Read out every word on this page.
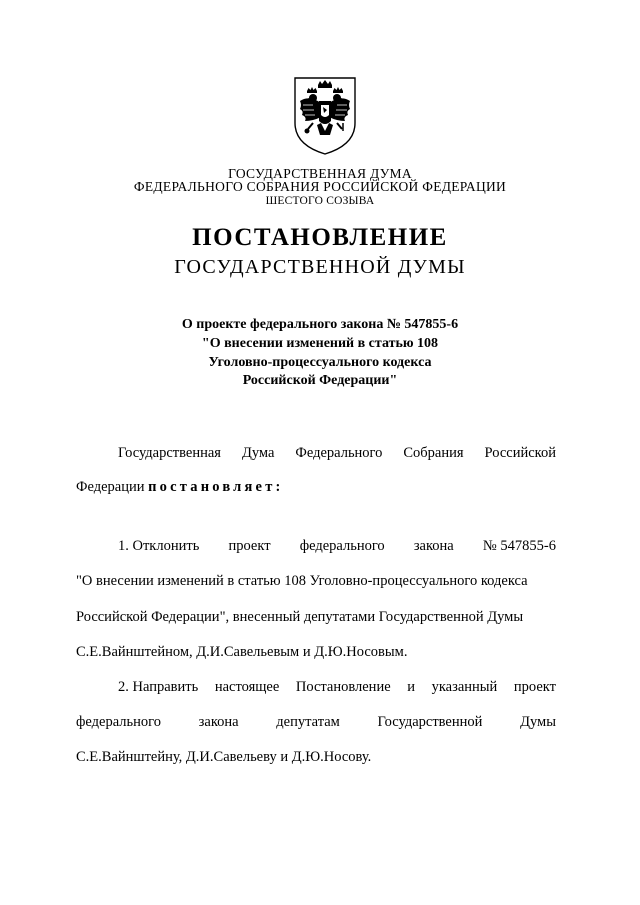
ГОСУДАРСТВЕННАЯ ДУМА
ФЕДЕРАЛЬНОГО СОБРАНИЯ РОССИЙСКОЙ ФЕДЕРАЦИИ
ШЕСТОГО СОЗЫВА
ПОСТАНОВЛЕНИЕ
ГОСУДАРСТВЕННОЙ ДУМЫ
О проекте федерального закона № 547855-6
"О внесении изменений в статью 108
Уголовно-процессуального кодекса
Российской Федерации"
Государственная Дума Федерального Собрания Российской
Федерации постановляет:
1. Отклонить проект федерального закона № 547855-6
"О внесении изменений в статью 108 Уголовно-процессуального кодекса
Российской Федерации", внесенный депутатами Государственной Думы
С.Е.Вайнштейном, Д.И.Савельевым и Д.Ю.Носовым.
2. Направить настоящее Постановление и указанный проект
федерального	закона	депутатам	Государственной	Думы
С.Е.Вайнштейну, Д.И.Савельеву и Д.Ю.Носову.
